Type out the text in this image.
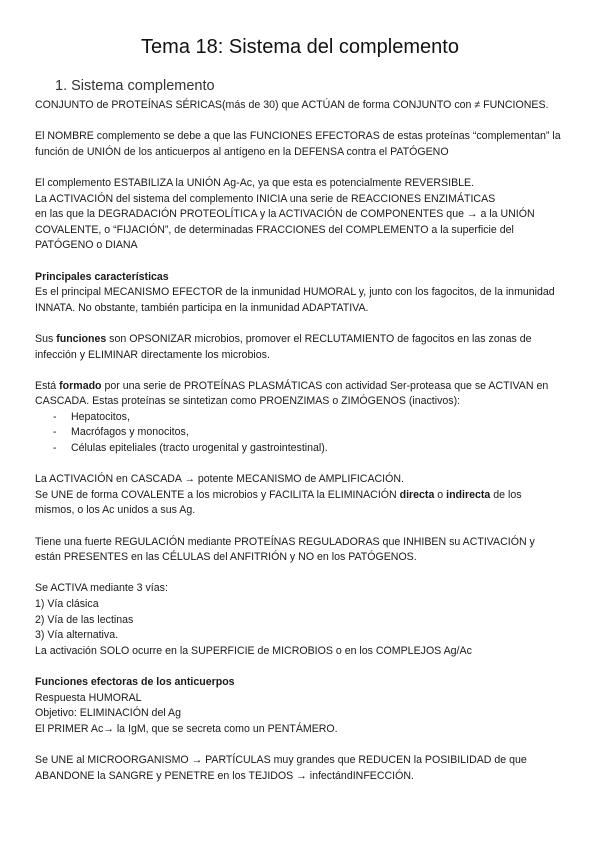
Tema 18: Sistema del complemento
1. Sistema complemento

CONJUNTO de PROTEÍNAS SÉRICAS(más de 30) que ACTÚAN de forma CONJUNTO con ≠ FUNCIONES.

El NOMBRE complemento se debe a que las FUNCIONES EFECTORAS de estas proteínas “complementan” la función de UNIÓN de los anticuerpos al antígeno en la DEFENSA contra el PATÓGENO

El complemento ESTABILIZA la UNIÓN Ag-Ac, ya que esta es potencialmente REVERSIBLE.

La ACTIVACIÓN del sistema del complemento INICIA una serie de REACCIONES ENZIMÁTICAS

en las que la DEGRADACIÓN PROTEOLÍTICA y la ACTIVACIÓN de COMPONENTES que → a la UNIÓN COVALENTE, o “FIJACIÓN”, de determinadas FRACCIONES del COMPLEMENTO a la superficie del PATÓGENO o DIANA

Principales características

Es el principal MECANISMO EFECTOR de la inmunidad HUMORAL y, junto con los fagocitos, de la inmunidad INNATA. No obstante, también participa en la inmunidad ADAPTATIVA.

Sus funciones son OPSONIZAR microbios, promover el RECLUTAMIENTO de fagocitos en las zonas de infección y ELIMINAR directamente los microbios.

Está formado por una serie de PROTEÍNAS PLASMÁTICAS con actividad Ser-proteasa que se ACTIVAN en CASCADA. Estas proteínas se sintetizan como PROENZIMAS o ZIMÓGENOS (inactivos):

- Hepatocitos,
- Macrófagos y monocitos,
- Células epiteliales (tracto urogenital y gastrointestinal).

La ACTIVACIÓN en CASCADA → potente MECANISMO de AMPLIFICACIÓN.

Se UNE de forma COVALENTE a los microbios y FACILITA la ELIMINACIÓN directa o indirecta de los mismos, o los Ac unidos a sus Ag.

Tiene una fuerte REGULACIÓN mediante PROTEÍNAS REGULADORAS que INHIBEN su ACTIVACIÓN y están PRESENTES en las CÉLULAS del ANFITRIÓN y NO en los PATÓGENOS.

Se ACTIVA mediante 3 vías:

1) Vía clásica

2) Vía de las lectinas

3) Vía alternativa.

La activación SOLO ocurre en la SUPERFICIE de MICROBIOS o en los COMPLEJOS Ag/Ac

Funciones efectoras de los anticuerpos

Respuesta HUMORAL

Objetivo: ELIMINACIÓN del Ag

El PRIMER Ac→ la IgM, que se secreta como un PENTÁMERO.

Se UNE al MICROORGANISMO → PARTÍCULAS muy grandes que REDUCEN la POSIBILIDAD de que ABANDONE la SANGRE y PENETRE en los TEJIDOS → infectándINFECCIÓN.
